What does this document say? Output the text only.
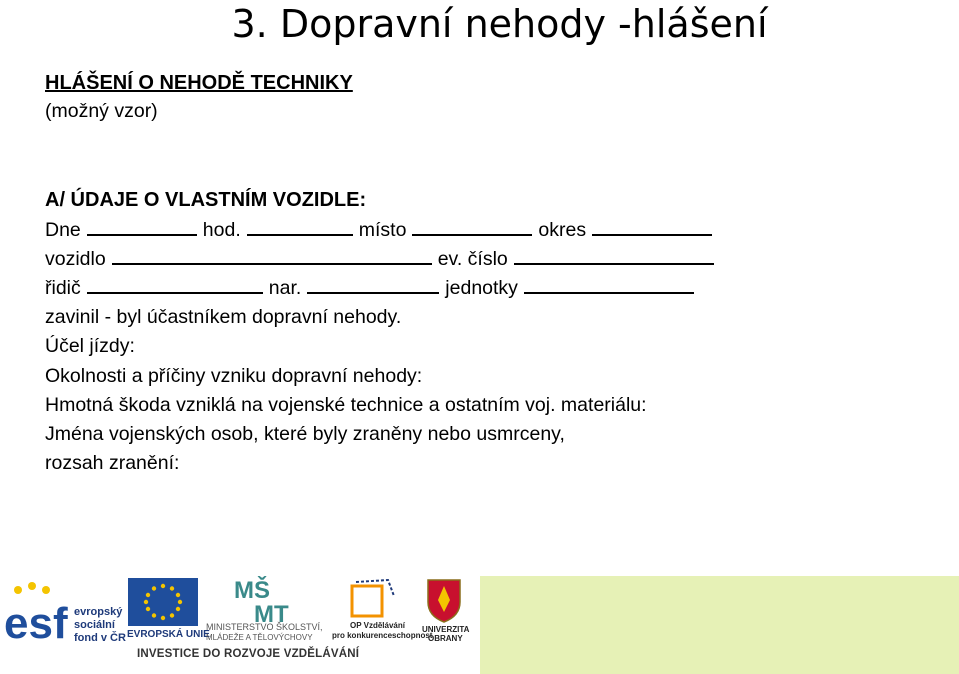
3. Dopravní nehody -hlášení
HLÁŠENÍ O NEHODĚ TECHNIKY
(možný vzor)
A/ ÚDAJE O VLASTNÍM VOZIDLE:
Dne	hod.	místo	okres
vozidlo	ev. číslo
řidič	nar.	jednotky
zavinil - byl účastníkem dopravní nehody.
Účel jízdy:
Okolnosti a příčiny vzniku dopravní nehody:
Hmotná škoda vzniklá na vojenské technice a ostatním voj. materiálu:
Jména vojenských osob, které byly zraněny nebo usmrceny,
rozsah zranění:
esf evropský
sociální
fond v ČR EVROPSKÁ UNIE
MŠ
MT
MINISTERSTVO ŠKOLSTVÍ,
MLÁDEŽE A TĚLOVÝCHOVY
OP Vzdělávání
pro konkurenceschopnost
UNIVERZITA
OBRANY
INVESTICE DO ROZVOJE VZDĚLÁVÁNÍ
